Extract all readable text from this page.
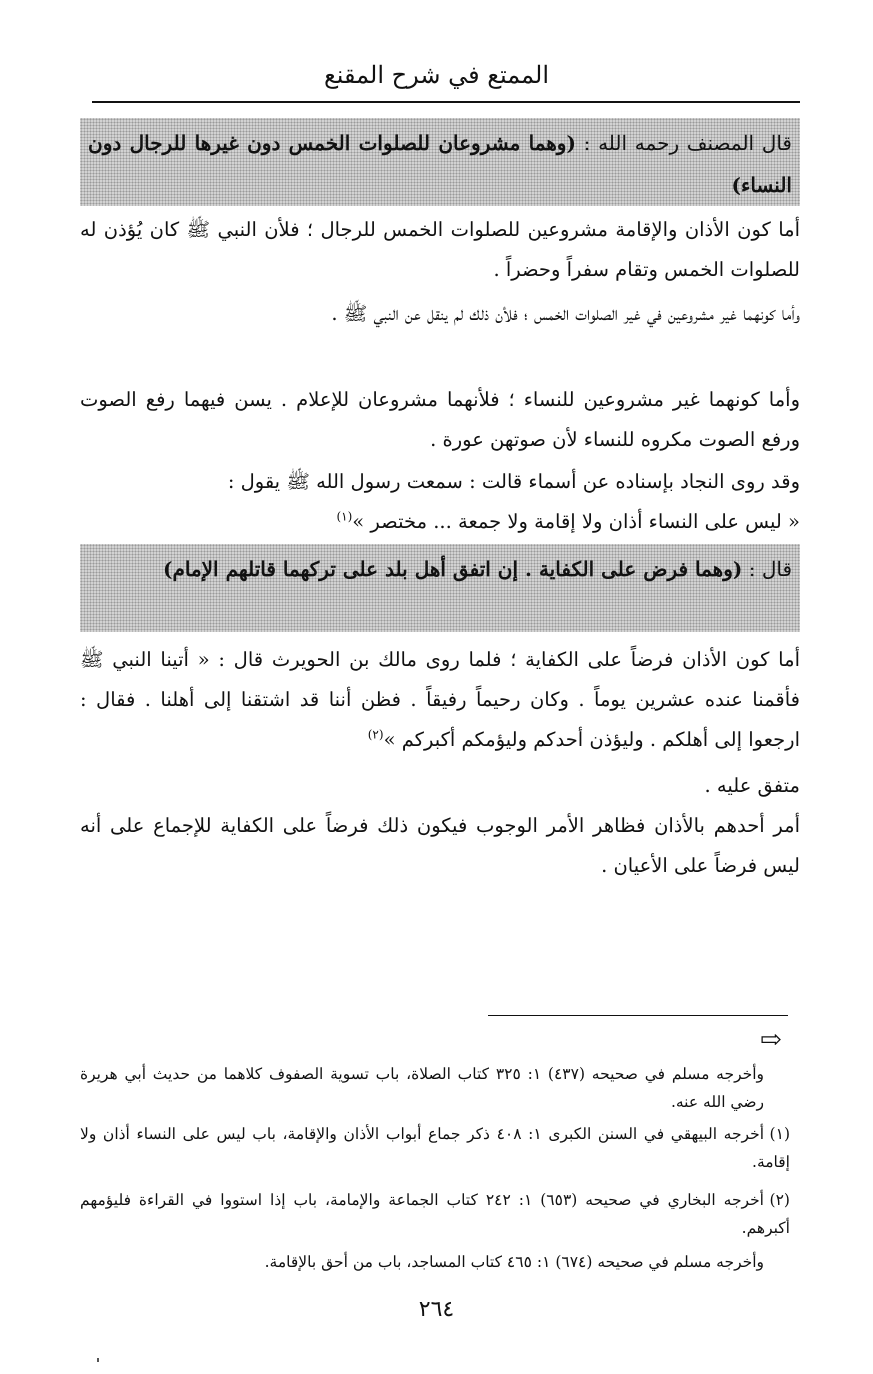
الممتع في شرح المقنع
قال المصنف رحمه الله : (وهما مشروعان للصلوات الخمس دون غيرها للرجال دون النساء)

أما كون الأذان والإقامة مشروعين للصلوات الخمس للرجال ؛ فلأن النبي ﷺ كان يُؤذن له للصلوات الخمس وتقام سفراً وحضراً .

وأما كونهما غير مشروعين في غير الصلوات الخمس ؛ فلأن ذلك لم ينقل عن النبي ﷺ .

وأما كونهما غير مشروعين للنساء ؛ فلأنهما مشروعان للإعلام . يسن فيهما رفع الصوت ورفع الصوت مكروه للنساء لأن صوتهن عورة .

وقد روى النجاد بإسناده عن أسماء قالت : سمعت رسول الله ﷺ يقول :

« ليس على النساء أذان ولا إقامة ولا جمعة ... مختصر »$^{(١)}$

قال : (وهما فرض على الكفاية . إن اتفق أهل بلد على تركهما قاتلهم الإمام)

أما كون الأذان فرضاً على الكفاية ؛ فلما روى مالك بن الحويرث قال : « أتينا النبي ﷺ فأقمنا عنده عشرين يوماً . وكان رحيماً رفيقاً . فظن أننا قد اشتقنا إلى أهلنا . فقال : ارجعوا إلى أهلكم . وليؤذن أحدكم وليؤمكم أكبركم »$^{(٢)}$

متفق عليه .

أمر أحدهم بالأذان فظاهر الأمر الوجوب فيكون ذلك فرضاً على الكفاية للإجماع على أنه ليس فرضاً على الأعيان .

⇨

وأخرجه مسلم في صحيحه (٤٣٧) ١: ٣٢٥ كتاب الصلاة، باب تسوية الصفوف كلاهما من حديث أبي هريرة رضي الله عنه.

(١)أخرجه البيهقي في السنن الكبرى ١: ٤٠٨ ذكر جماع أبواب الأذان والإقامة، باب ليس على النساء أذان ولا إقامة.

(٢)أخرجه البخاري في صحيحه (٦٥٣) ١: ٢٤٢ كتاب الجماعة والإمامة، باب إذا استووا في القراءة فليؤمهم أكبرهم.

وأخرجه مسلم في صحيحه (٦٧٤) ١: ٤٦٥ كتاب المساجد، باب من أحق بالإقامة.

٢٦٤
